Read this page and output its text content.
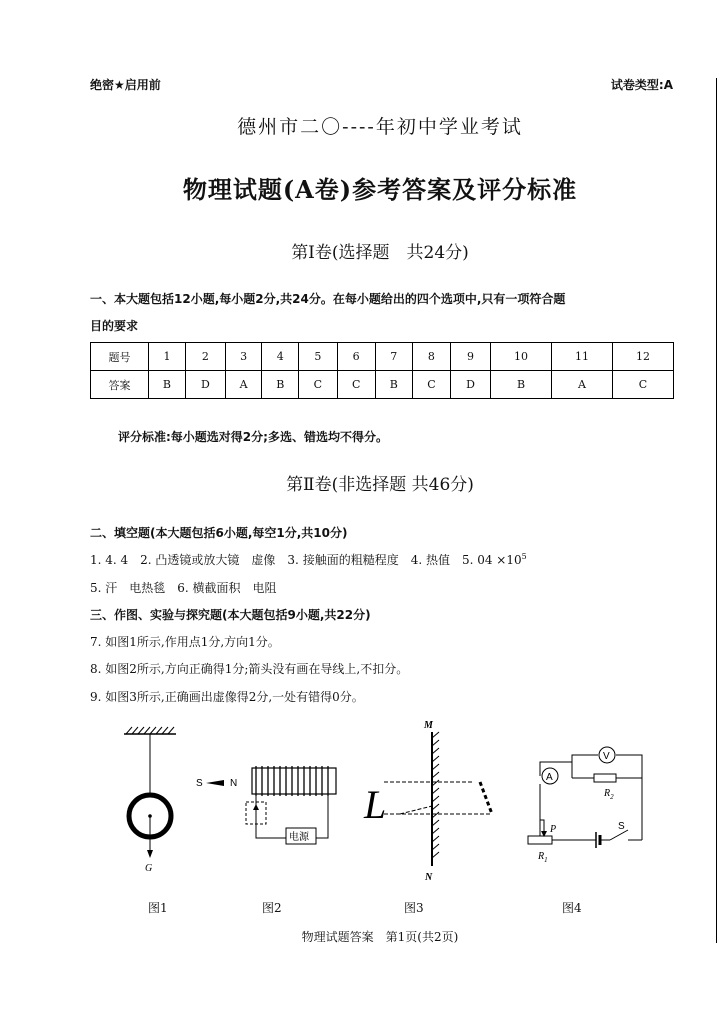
绝密★启用前	试卷类型:A
德州市二〇----年初中学业考试
物理试题(A卷)参考答案及评分标准
第Ⅰ卷(选择题　共24分)
一、本大题包括12小题,每小题2分,共24分。在每小题给出的四个选项中,只有一项符合题
目的要求
题号	1	2	3	4	5	6	7	8	9	10	11	12
答案	B	D	A	B	C	C	B	C	D	B	A	C
评分标准:每小题选对得2分;多选、错选均不得分。
第Ⅱ卷(非选择题 共46分)
二、填空题(本大题包括6小题,每空1分,共10分)
1. 4. 4　2. 凸透镜或放大镜　虚像　3. 接触面的粗糙程度　4. 热值　5. $04 \times 10^5$
5. 汗　电热毯　6. 横截面积　电阻
三、作图、实验与探究题(本大题包括9小题,共22分)
7. 如图1所示,作用点1分,方向1分。
8. 如图2所示,方向正确得1分;箭头没有画在导线上,不扣分。
9. 如图3所示,正确画出虚像得2分,一处有错得0分。
G
图1
S	N
电源
图2
M
L
N
图3
V
A
$R_2$
P
$R_1$
S
图4
物理试题答案　第1页(共2页)
